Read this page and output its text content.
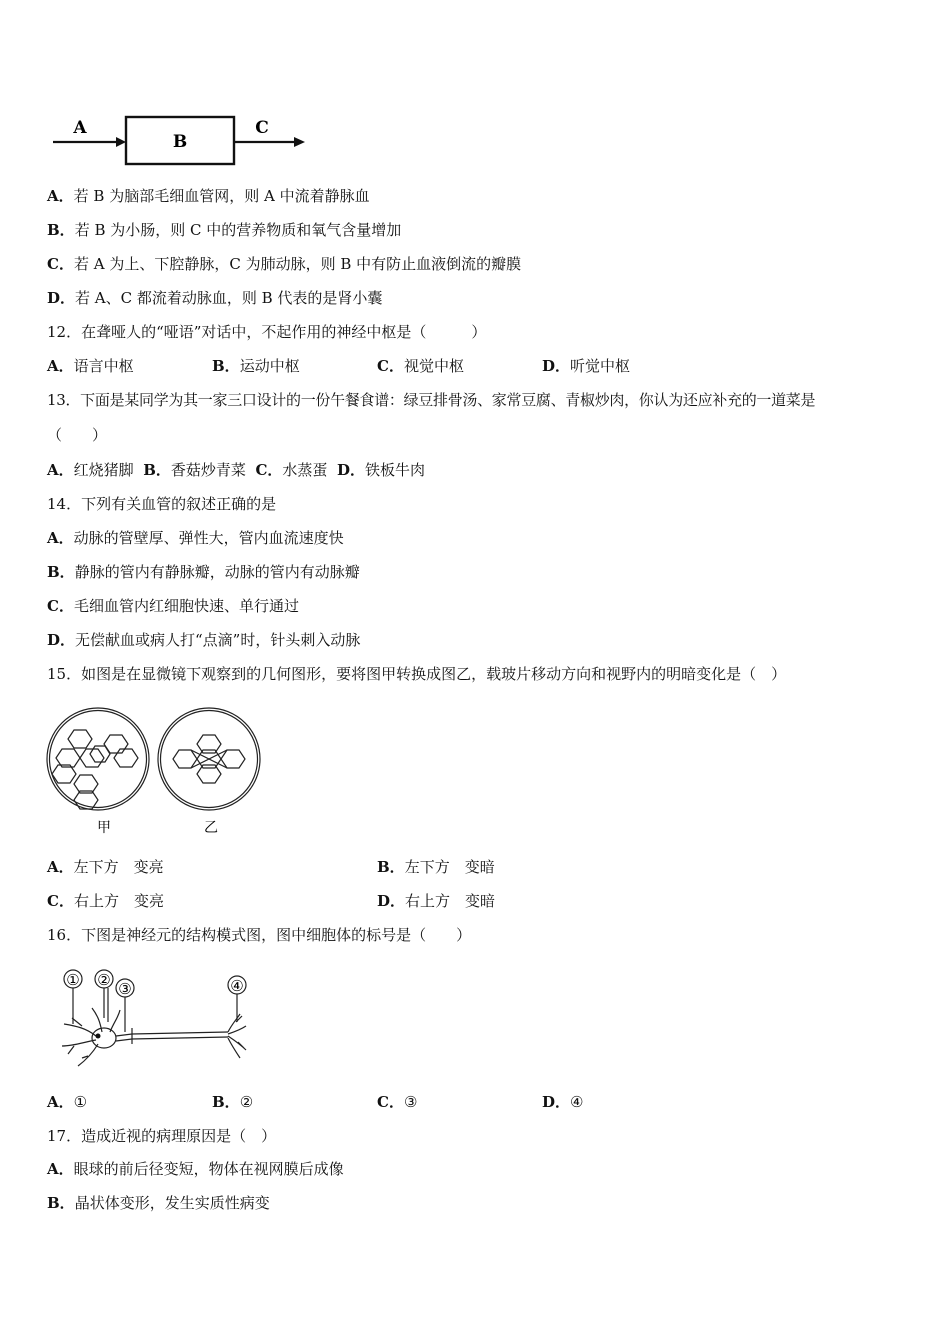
A
B
C
A．若 B 为脑部毛细血管网，则 A 中流着静脉血
B．若 B 为小肠，则 C 中的营养物质和氧气含量增加
C．若 A 为上、下腔静脉，C 为肺动脉，则 B 中有防止血液倒流的瓣膜
D．若 A、C 都流着动脉血，则 B 代表的是肾小囊
12．在聋哑人的“哑语”对话中，不起作用的神经中枢是（　　　）
A．语言中枢	B．运动中枢	C．视觉中枢	D．听觉中枢
13．下面是某同学为其一家三口设计的一份午餐食谱：绿豆排骨汤、家常豆腐、青椒炒肉，你认为还应补充的一道菜是
（　　）
A．红烧猪脚 B．香菇炒青菜 C．水蒸蛋 D．铁板牛肉
14．下列有关血管的叙述正确的是
A．动脉的管壁厚、弹性大，管内血流速度快
B．静脉的管内有静脉瓣，动脉的管内有动脉瓣
C．毛细血管内红细胞快速、单行通过
D．无偿献血或病人打“点滴”时，针头刺入动脉
15．如图是在显微镜下观察到的几何图形，要将图甲转换成图乙，载玻片移动方向和视野内的明暗变化是（　）
甲	乙
A．左下方　变亮	B．左下方　变暗
C．右上方　变亮	D．右上方　变暗
16．下图是神经元的结构模式图，图中细胞体的标号是（　　）
① ② ③	④
A．①	B．②	C．③	D．④
17．造成近视的病理原因是（　）
A．眼球的前后径变短，物体在视网膜后成像
B．晶状体变形，发生实质性病变
